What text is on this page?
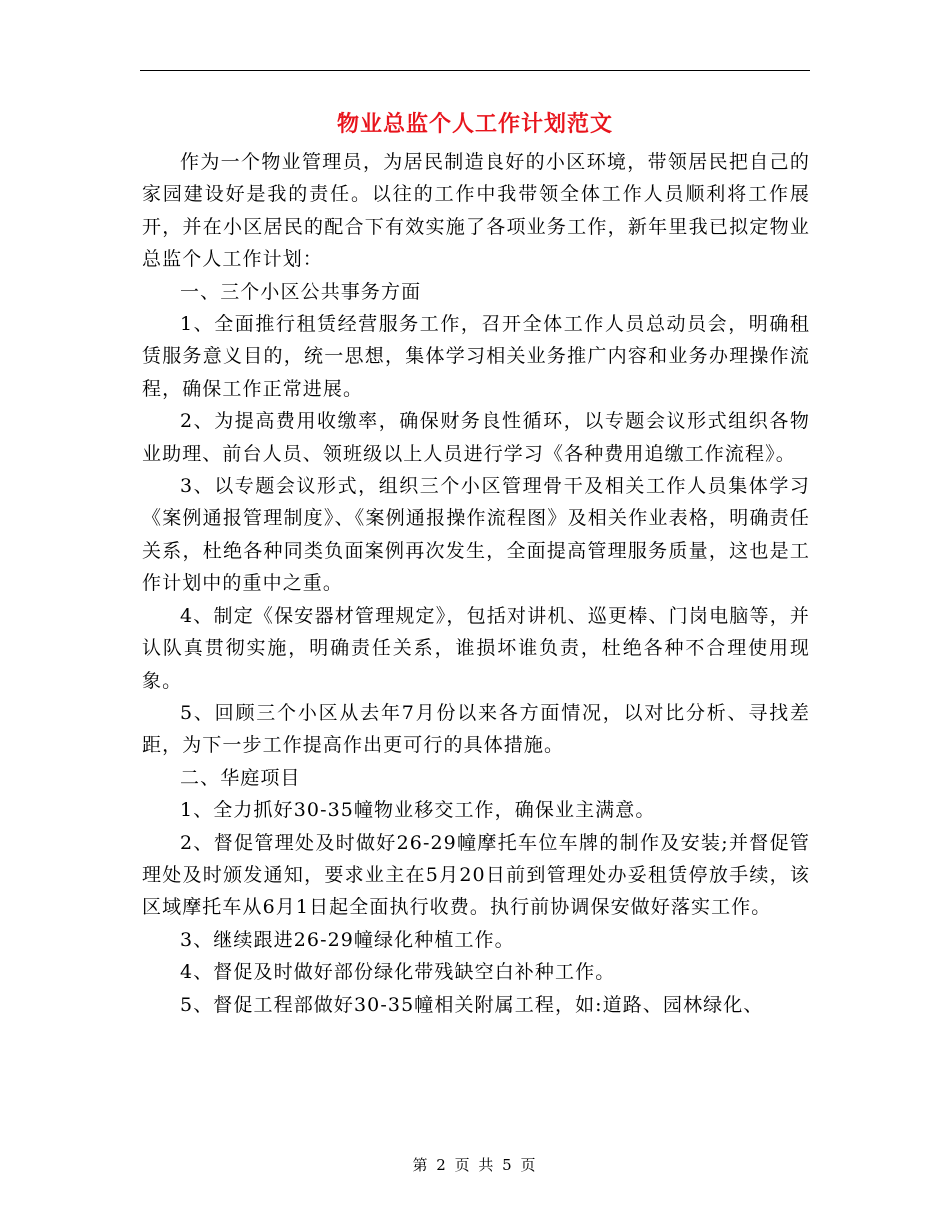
物业总监个人工作计划范文

作为一个物业管理员，为居民制造良好的小区环境，带领居民把自己的家园建设好是我的责任。以往的工作中我带领全体工作人员顺利将工作展开，并在小区居民的配合下有效实施了各项业务工作，新年里我已拟定物业总监个人工作计划：

一、三个小区公共事务方面

1、全面推行租赁经营服务工作，召开全体工作人员总动员会，明确租赁服务意义目的，统一思想，集体学习相关业务推广内容和业务办理操作流程，确保工作正常进展。

2、为提高费用收缴率，确保财务良性循环，以专题会议形式组织各物业助理、前台人员、领班级以上人员进行学习《各种费用追缴工作流程》。

3、以专题会议形式，组织三个小区管理骨干及相关工作人员集体学习《案例通报管理制度》、《案例通报操作流程图》及相关作业表格，明确责任关系，杜绝各种同类负面案例再次发生，全面提高管理服务质量，这也是工作计划中的重中之重。

4、制定《保安器材管理规定》，包括对讲机、巡更棒、门岗电脑等，并认队真贯彻实施，明确责任关系，谁损坏谁负责，杜绝各种不合理使用现象。

5、回顾三个小区从去年7月份以来各方面情况，以对比分析、寻找差距，为下一步工作提高作出更可行的具体措施。

二、华庭项目

1、全力抓好30-35幢物业移交工作，确保业主满意。

2、督促管理处及时做好26-29幢摩托车位车牌的制作及安装;并督促管理处及时颁发通知，要求业主在5月20日前到管理处办妥租赁停放手续，该区域摩托车从6月1日起全面执行收费。执行前协调保安做好落实工作。

3、继续跟进26-29幢绿化种植工作。

4、督促及时做好部份绿化带残缺空白补种工作。

5、督促工程部做好30-35幢相关附属工程，如:道路、园林绿化、

第 2 页 共 5 页
